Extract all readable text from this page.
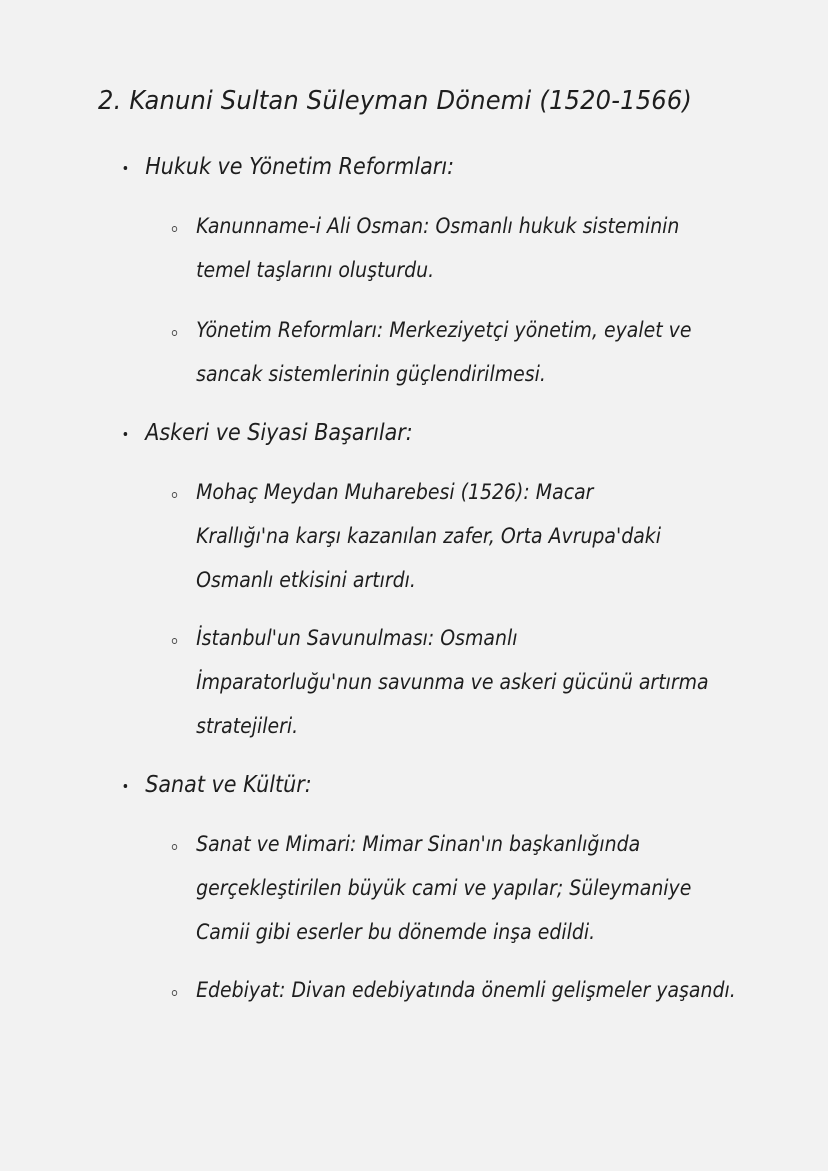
2. Kanuni Sultan Süleyman Dönemi (1520-1566)
Hukuk ve Yönetim Reformları:
Kanunname-i Ali Osman: Osmanlı hukuk sisteminin
temel taşlarını oluşturdu.
Yönetim Reformları: Merkeziyetçi yönetim, eyalet ve
sancak sistemlerinin güçlendirilmesi.
Askeri ve Siyasi Başarılar:
Mohaç Meydan Muharebesi (1526): Macar
Krallığı'na karşı kazanılan zafer, Orta Avrupa'daki
Osmanlı etkisini artırdı.
İstanbul'un Savunulması: Osmanlı
İmparatorluğu'nun savunma ve askeri gücünü artırma
stratejileri.
Sanat ve Kültür:
Sanat ve Mimari: Mimar Sinan'ın başkanlığında
gerçekleştirilen büyük cami ve yapılar; Süleymaniye
Camii gibi eserler bu dönemde inşa edildi.
Edebiyat: Divan edebiyatında önemli gelişmeler yaşandı.
